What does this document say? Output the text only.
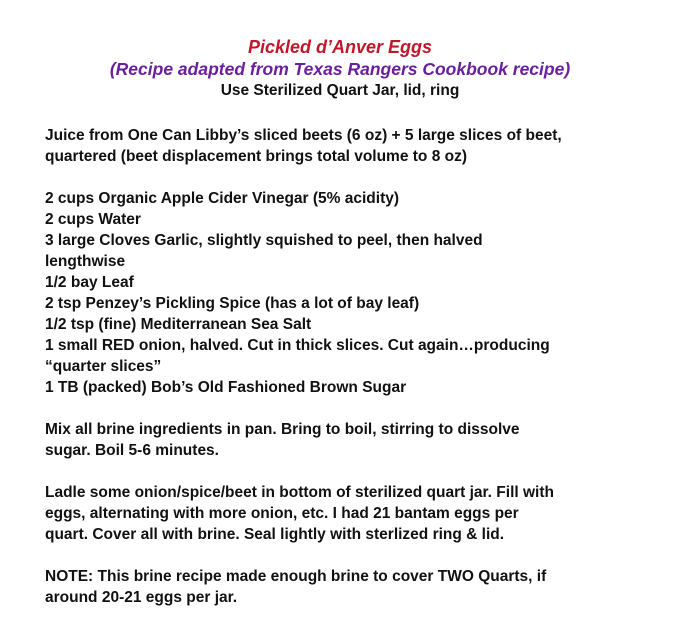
Pickled d’Anver Eggs
(Recipe adapted from Texas Rangers Cookbook recipe)
Use Sterilized Quart Jar, lid, ring
Juice from One Can Libby’s sliced beets (6 oz) + 5 large slices of beet,
quartered (beet displacement brings total volume to 8 oz)
2 cups Organic Apple Cider Vinegar (5% acidity)
2 cups Water
3 large Cloves Garlic, slightly squished to peel, then halved
lengthwise
1/2 bay Leaf
2 tsp Penzey’s Pickling Spice (has a lot of bay leaf)
1/2 tsp (fine) Mediterranean Sea Salt
1 small RED onion, halved. Cut in thick slices. Cut again…producing
“quarter slices”
1 TB (packed) Bob’s Old Fashioned Brown Sugar
Mix all brine ingredients in pan. Bring to boil, stirring to dissolve
sugar. Boil 5-6 minutes.
Ladle some onion/spice/beet in bottom of sterilized quart jar. Fill with
eggs, alternating with more onion, etc. I had 21 bantam eggs per
quart. Cover all with brine. Seal lightly with sterlized ring & lid.
NOTE: This brine recipe made enough brine to cover TWO Quarts, if
around 20-21 eggs per jar.
